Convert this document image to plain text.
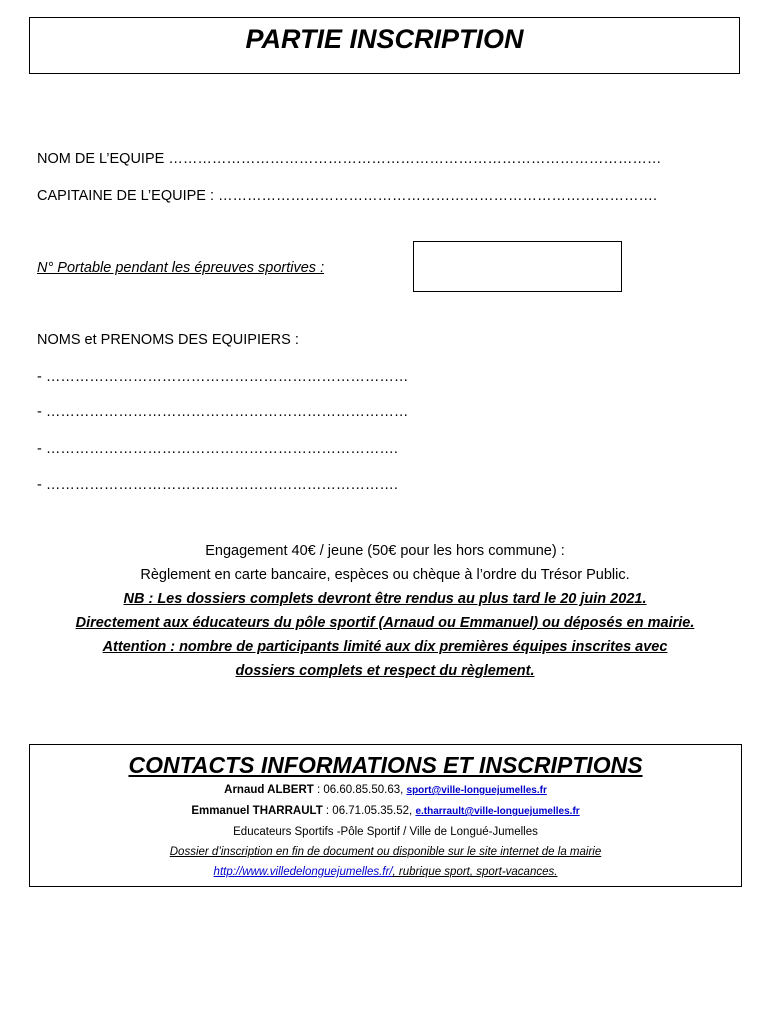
PARTIE INSCRIPTION
NOM DE L’EQUIPE …………………………………………………………………………………………
CAPITAINE DE L’EQUIPE : ……………………………………………………………………………….
N° Portable pendant les épreuves sportives :
NOMS et PRENOMS DES EQUIPIERS :
- …………………………………………………………………
- …………………………………………………………………
- ……………………………………………………………….
- ……………………………………………………………….
Engagement 40€ / jeune (50€ pour les hors commune) :
Règlement en carte bancaire, espèces ou chèque à l’ordre du Trésor Public.
NB : Les dossiers complets devront être rendus au plus tard le 20 juin 2021.
Directement aux éducateurs du pôle sportif (Arnaud ou Emmanuel) ou déposés en mairie.
Attention : nombre de participants limité aux dix premières équipes inscrites avec
dossiers complets et respect du règlement.
CONTACTS INFORMATIONS ET INSCRIPTIONS
Arnaud ALBERT : 06.60.85.50.63, sport@ville-longuejumelles.fr
Emmanuel THARRAULT : 06.71.05.35.52, e.tharrault@ville-longuejumelles.fr
Educateurs Sportifs -Pôle Sportif / Ville de Longué-Jumelles
Dossier d’inscription en fin de document ou disponible sur le site internet de la mairie
http://www.villedelonguejumelles.fr/, rubrique sport, sport-vacances.
